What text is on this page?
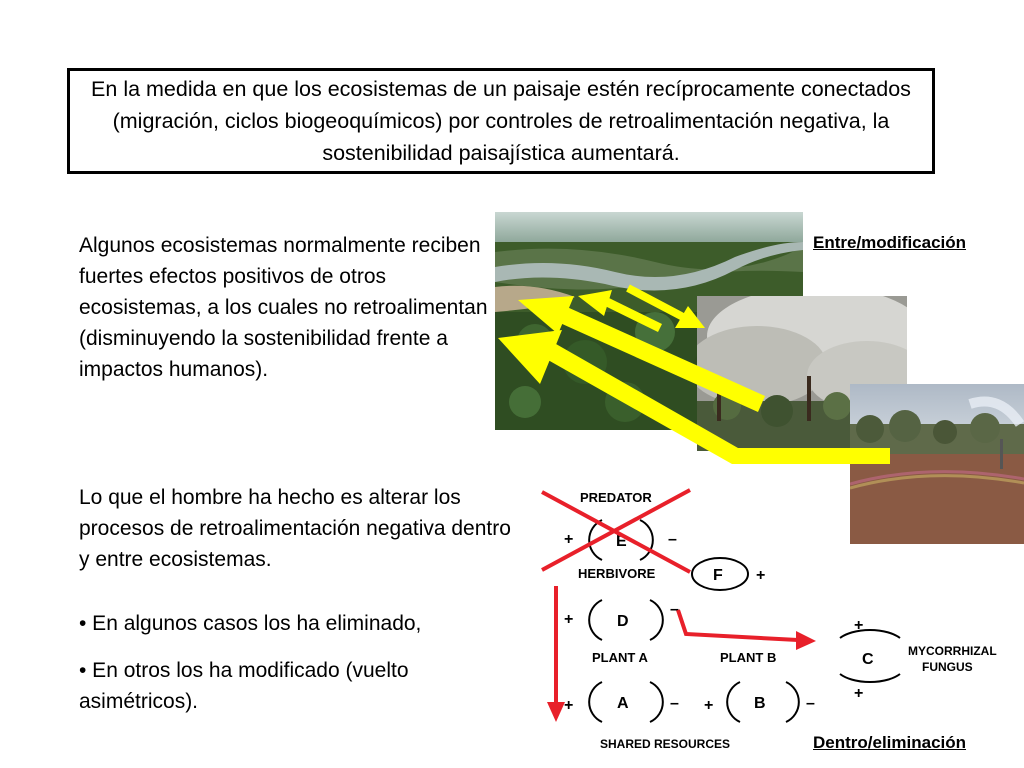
En la medida en que los ecosistemas de un paisaje estén recíprocamente conectados (migración, ciclos biogeoquímicos) por controles de retroalimentación negativa, la sostenibilidad paisajística aumentará.
Algunos ecosistemas normalmente reciben fuertes efectos positivos de otros ecosistemas, a los cuales no retroalimentan (disminuyendo la sostenibilidad frente a impactos humanos).
Lo que el hombre ha hecho es alterar los procesos de retroalimentación negativa dentro y entre ecosistemas.
• En algunos casos los ha eliminado,
• En otros los ha modificado (vuelto asimétricos).
Entre/modificación
Dentro/eliminación
PREDATOR
HERBIVORE
PLANT A	PLANT B	MYCORRHIZAL
FUNGUS
SHARED RESOURCES
E
+	–
F +
D
+
–
C
+
+
A
+	–	B
+	–
